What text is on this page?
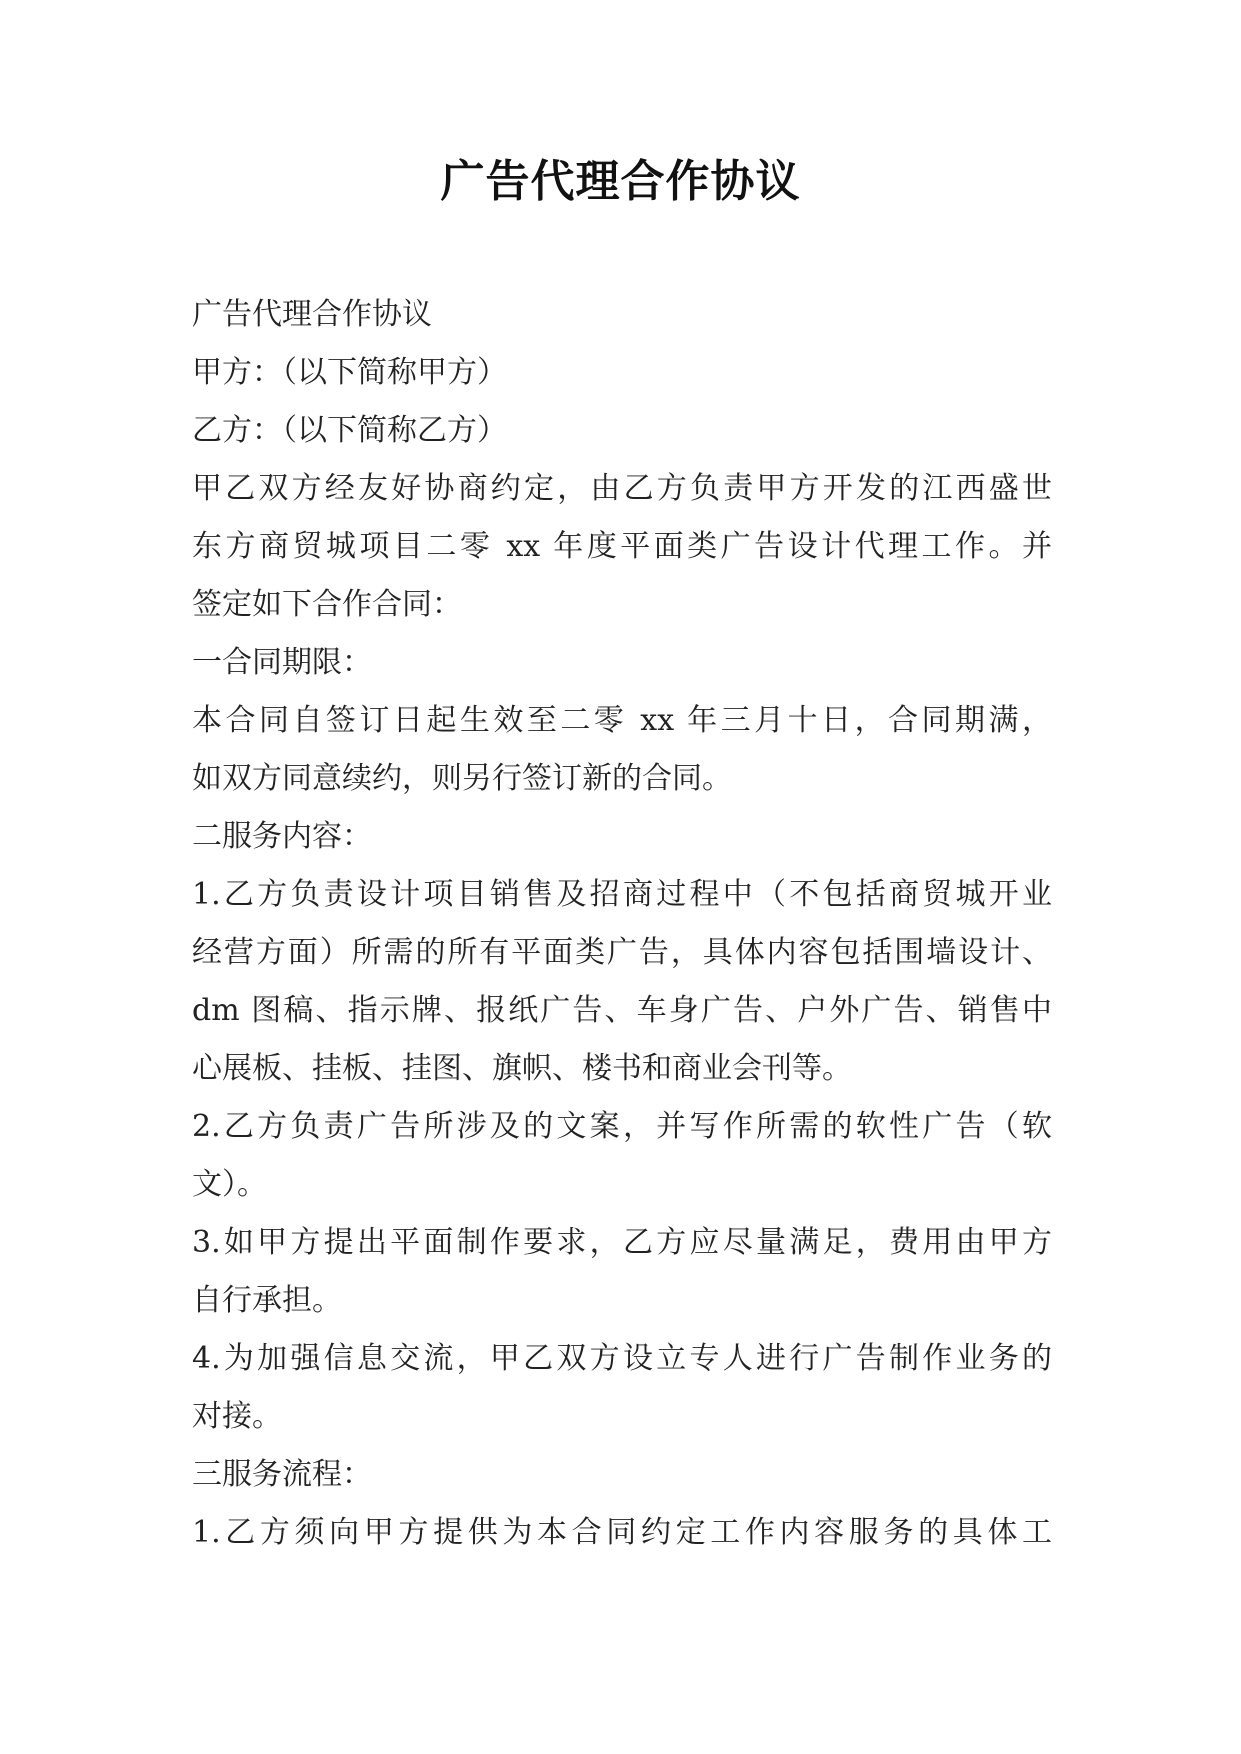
广告代理合作协议
广告代理合作协议
甲方：（以下简称甲方）
乙方：（以下简称乙方）
甲乙双方经友好协商约定，由乙方负责甲方开发的江西盛世
东方商贸城项目二零 xx 年度平面类广告设计代理工作。并
签定如下合作合同：
一合同期限：
本合同自签订日起生效至二零 xx 年三月十日，合同期满，
如双方同意续约，则另行签订新的合同。
二服务内容：
1.乙方负责设计项目销售及招商过程中（不包括商贸城开业
经营方面）所需的所有平面类广告，具体内容包括围墙设计、
dm 图稿、指示牌、报纸广告、车身广告、户外广告、销售中
心展板、挂板、挂图、旗帜、楼书和商业会刊等。
2.乙方负责广告所涉及的文案，并写作所需的软性广告（软
文）。
3.如甲方提出平面制作要求，乙方应尽量满足，费用由甲方
自行承担。
4.为加强信息交流，甲乙双方设立专人进行广告制作业务的
对接。
三服务流程：
1.乙方须向甲方提供为本合同约定工作内容服务的具体工
